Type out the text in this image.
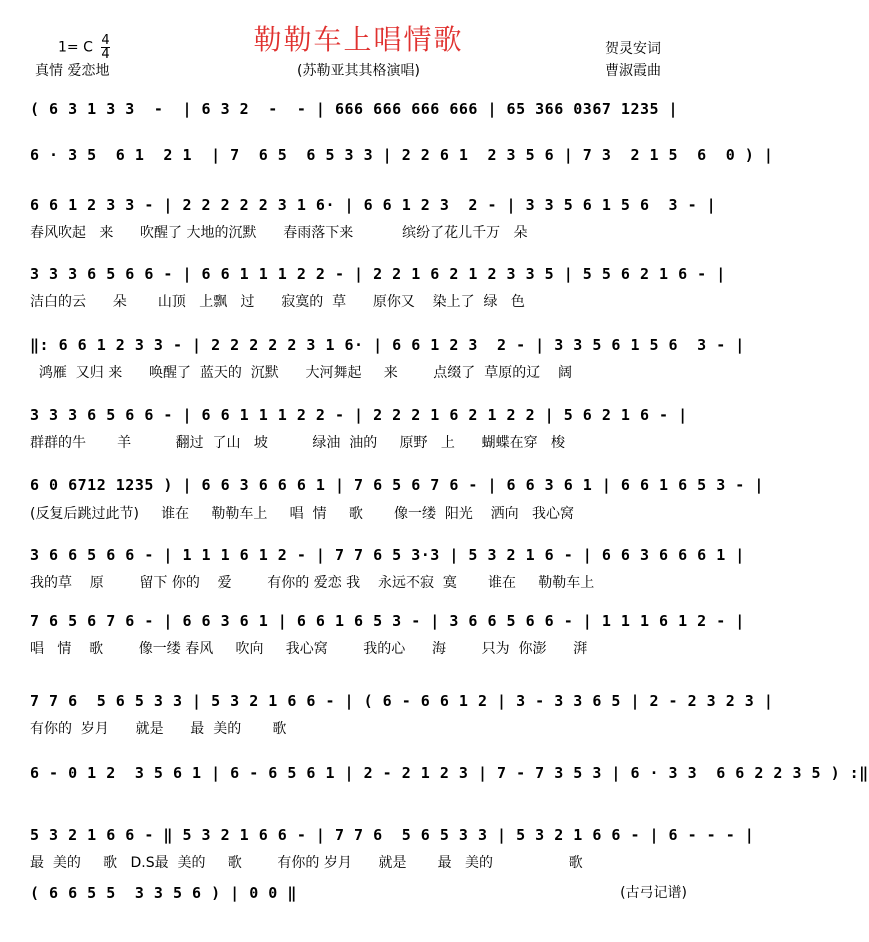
勒勒车上唱情歌
(苏勒亚其其格演唱)
1= C $\frac{4}{4}$
真情 爱恋地
贺灵安词
曹淑霞曲
( 6 3 1 3 3  -  | 6 3 2  -  - | 666 666 666 666 | 65 366 0367 1235 |
6 · 3 5  6 1  2 1  | 7  6 5  6 5 3 3 | 2 2 6 1  2 3 5 6 | 7 3  2 1 5  6  0 ) |
6 6 1 2 3 3 - | 2 2 2 2 2 3 1 6· | 6 6 1 2 3  2 - | 3 3 5 6 1 5 6  3 - |
春风吹起   来      吹醒了 大地的沉默      春雨落下来           缤纷了花儿千万   朵
3 3 3 6 5 6 6 - | 6 6 1 1 1 2 2 - | 2 2 1 6 2 1 2 3 3 5 | 5 5 6 2 1 6 - |
洁白的云      朵       山顶   上飘   过      寂寞的  草      原你又    染上了  绿   色
‖: 6 6 1 2 3 3 - | 2 2 2 2 2 3 1 6· | 6 6 1 2 3  2 - | 3 3 5 6 1 5 6  3 - |
鸿雁  又归 来      唤醒了  蓝天的  沉默      大河舞起     来        点缀了  草原的辽    阔
3 3 3 6 5 6 6 - | 6 6 1 1 1 2 2 - | 2 2 2 1 6 2 1 2 2 | 5 6 2 1 6 - |
群群的牛       羊          翻过  了山   坡          绿油  油的     原野   上      蝴蝶在穿   梭
6 0 6712 1235 ) | 6 6 3 6 6 6 1 | 7 6 5 6 7 6 - | 6 6 3 6 1 | 6 6 1 6 5 3 - |
(反复后跳过此节)     谁在     勒勒车上     唱  情     歌       像一缕  阳光    洒向   我心窝
3 6 6 5 6 6 - | 1 1 1 6 1 2 - | 7 7 6 5 3·3 | 5 3 2 1 6 - | 6 6 3 6 6 6 1 |
我的草    原        留下 你的    爱        有你的 爱恋 我    永远不寂  寞       谁在     勒勒车上
7 6 5 6 7 6 - | 6 6 3 6 1 | 6 6 1 6 5 3 - | 3 6 6 5 6 6 - | 1 1 1 6 1 2 - |
唱   情    歌        像一缕 春风     吹向     我心窝        我的心      海        只为  你澎      湃
7 7 6  5 6 5 3 3 | 5 3 2 1 6 6 - | ( 6 - 6 6 1 2 | 3 - 3 3 6 5 | 2 - 2 3 2 3 |
有你的  岁月      就是      最  美的       歌
6 - 0 1 2  3 5 6 1 | 6 - 6 5 6 1 | 2 - 2 1 2 3 | 7 - 7 3 5 3 | 6 · 3 3  6 6 2 2 3 5 ) :‖
5 3 2 1 6 6 - ‖ 5 3 2 1 6 6 - | 7 7 6  5 6 5 3 3 | 5 3 2 1 6 6 - | 6 - - - |
最  美的     歌   D.S最  美的     歌        有你的 岁月      就是       最   美的                 歌
( 6 6 5 5  3 3 5 6 ) | 0 0 ‖	(古弓记谱)
